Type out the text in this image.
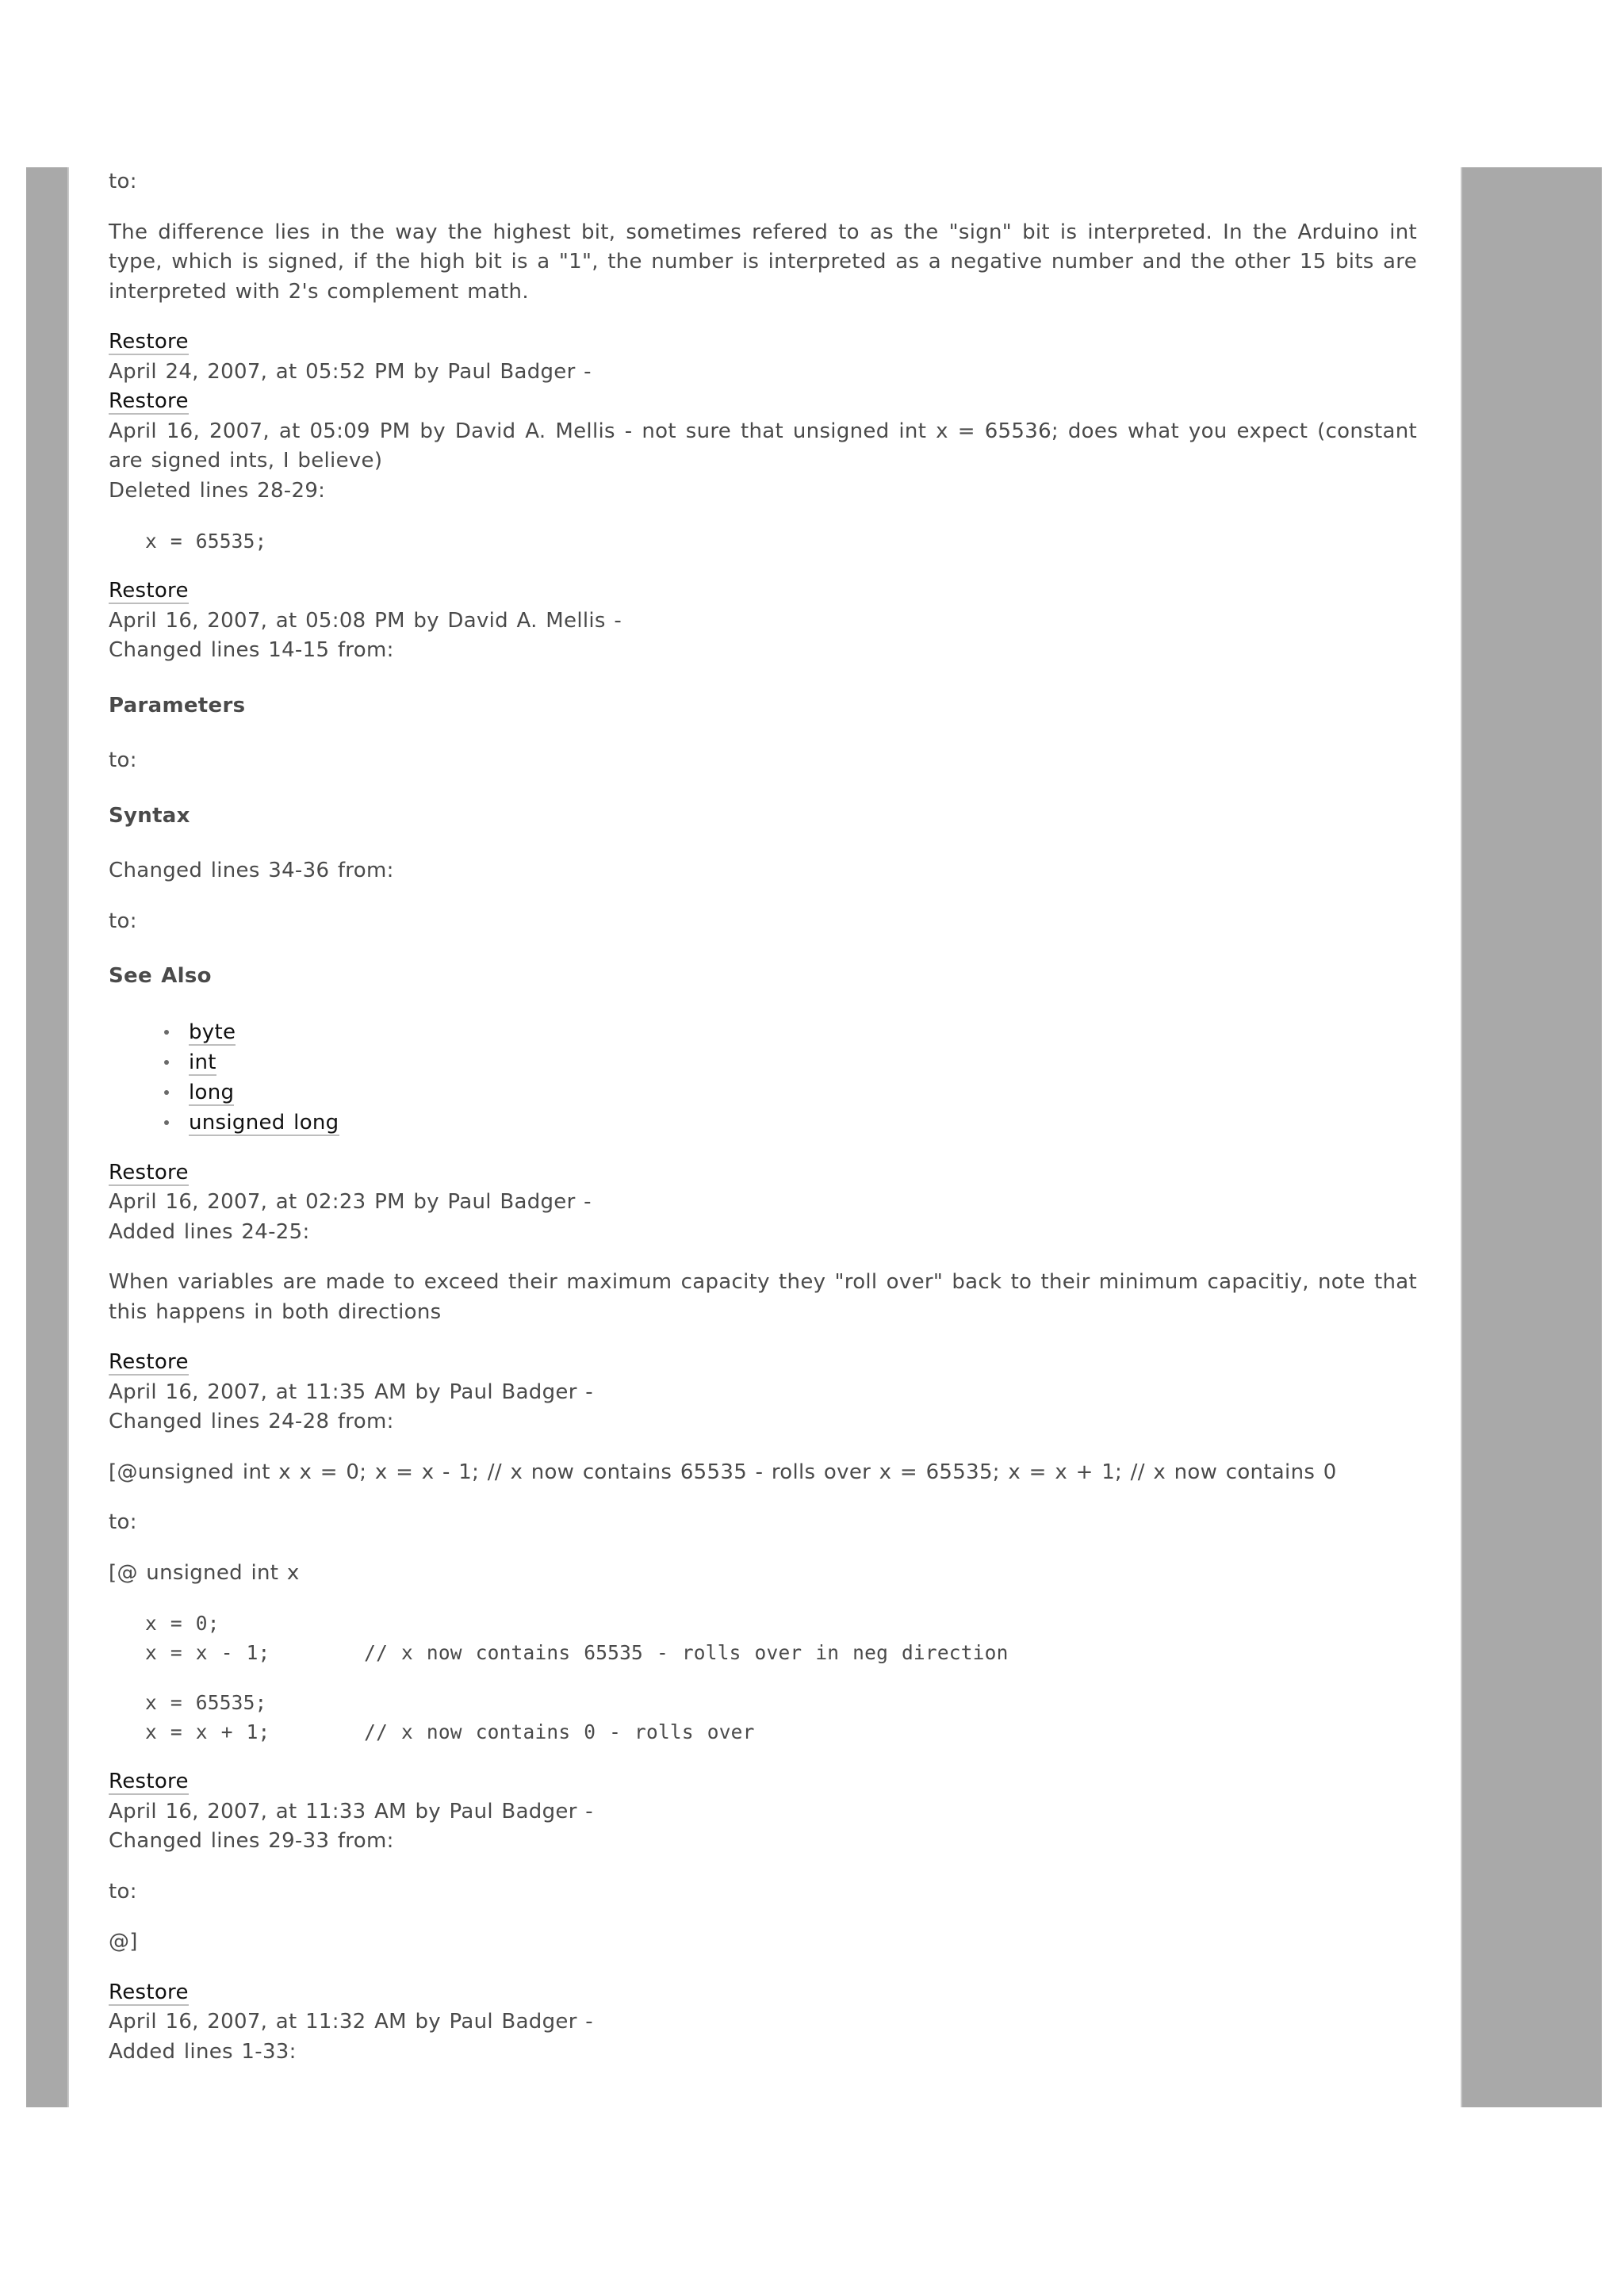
to:

The difference lies in the way the highest bit, sometimes refered to as the "sign" bit is interpreted. In the Arduino int type, which is signed, if the high bit is a "1", the number is interpreted as a negative number and the other 15 bits are interpreted with 2's complement math.

Restore
April 24, 2007, at 05:52 PM by Paul Badger -
Restore

April 16, 2007, at 05:09 PM by David A. Mellis - not sure that unsigned int x = 65536; does what you expect (constant are signed ints, I believe)
Deleted lines 28-29:
x = 65535;
Restore
April 16, 2007, at 05:08 PM by David A. Mellis -
Changed lines 14-15 from:
Parameters

to:

Syntax

Changed lines 34-36 from:

to:

See Also
byte
int
long
unsigned long
Restore
April 16, 2007, at 02:23 PM by Paul Badger -
Added lines 24-25:

When variables are made to exceed their maximum capacity they "roll over" back to their minimum capacitiy, note that this happens in both directions

Restore
April 16, 2007, at 11:35 AM by Paul Badger -
Changed lines 24-28 from:

[@unsigned int x x = 0; x = x - 1; // x now contains 65535 - rolls over x = 65535; x = x + 1; // x now contains 0

to:

[@ unsigned int x

x = 0;
x = x - 1;       // x now contains 65535 - rolls over in neg direction
x = 65535;
x = x + 1;       // x now contains 0 - rolls over
Restore
April 16, 2007, at 11:33 AM by Paul Badger -
Changed lines 29-33 from:

to:

@]

Restore
April 16, 2007, at 11:32 AM by Paul Badger -
Added lines 1-33:
